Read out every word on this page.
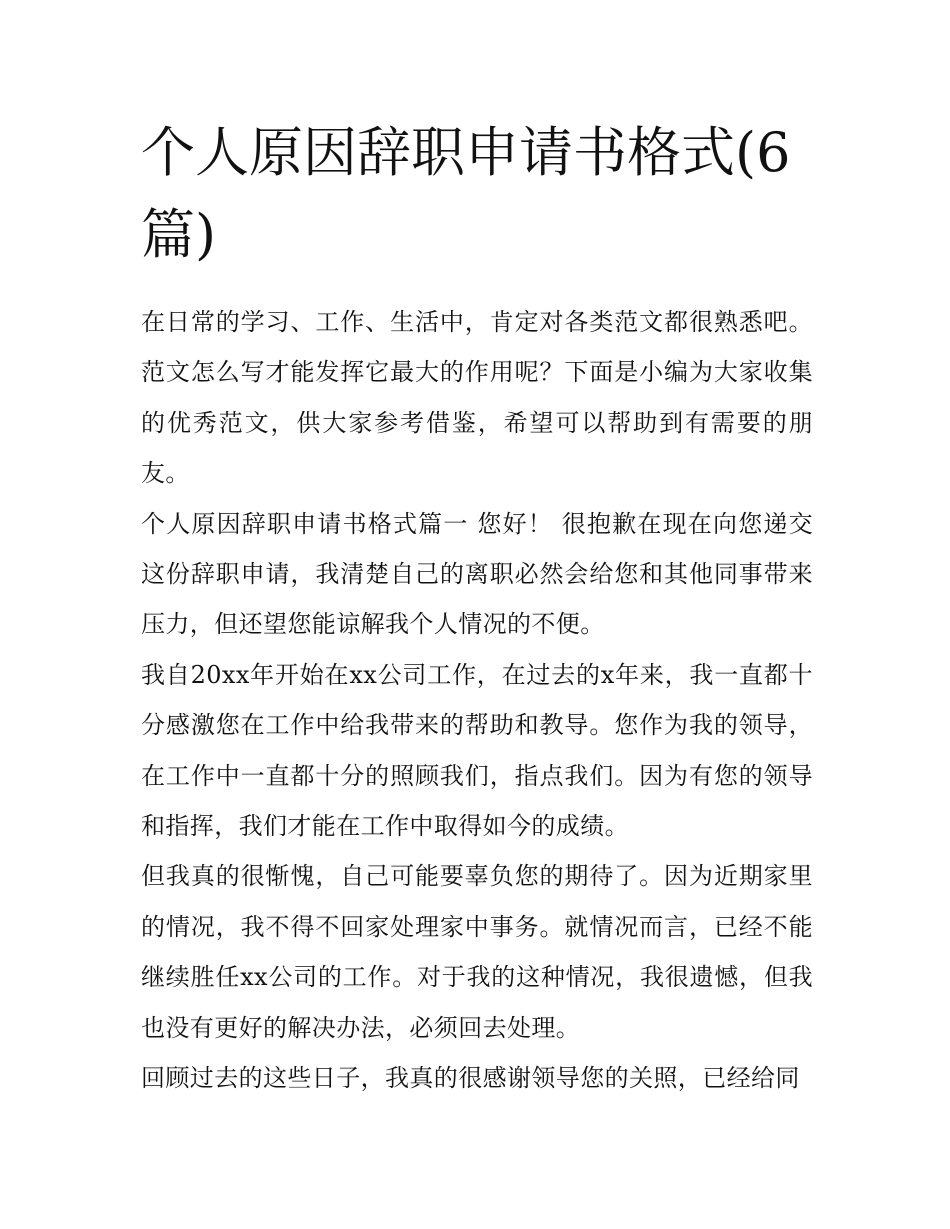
个人原因辞职申请书格式(6篇)

在日常的学习、工作、生活中，肯定对各类范文都很熟悉吧。范文怎么写才能发挥它最大的作用呢？下面是小编为大家收集的优秀范文，供大家参考借鉴，希望可以帮助到有需要的朋友。

个人原因辞职申请书格式篇一 您好！ 很抱歉在现在向您递交这份辞职申请，我清楚自己的离职必然会给您和其他同事带来压力，但还望您能谅解我个人情况的不便。

我自20xx年开始在xx公司工作，在过去的x年来，我一直都十分感激您在工作中给我带来的帮助和教导。您作为我的领导，在工作中一直都十分的照顾我们，指点我们。因为有您的领导和指挥，我们才能在工作中取得如今的成绩。

但我真的很惭愧，自己可能要辜负您的期待了。因为近期家里的情况，我不得不回家处理家中事务。就情况而言，已经不能继续胜任xx公司的工作。对于我的这种情况，我很遗憾，但我也没有更好的解决办法，必须回去处理。

回顾过去的这些日子，我真的很感谢领导您的关照，已经给同
